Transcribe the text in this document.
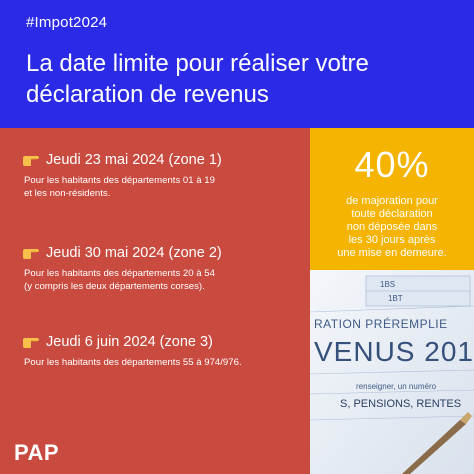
#Impot2024
La date limite pour réaliser votre déclaration de revenus
Jeudi 23 mai 2024 (zone 1)
Pour les habitants des départements 01 à 19
et les non-résidents.
Jeudi 30 mai 2024 (zone 2)
Pour les habitants des départements 20 à 54
(y compris les deux départements corses).
Jeudi 6 juin 2024 (zone 3)
Pour les habitants des départements 55 à 974/976.
40%
de majoration pour
toute déclaration
non déposée dans
les 30 jours après
une mise en demeure.
1BS
1BT
RATION PRÉREMPLIE
VENUS 201
renseigner, un numéro
S, PENSIONS, RENTES
PAP
